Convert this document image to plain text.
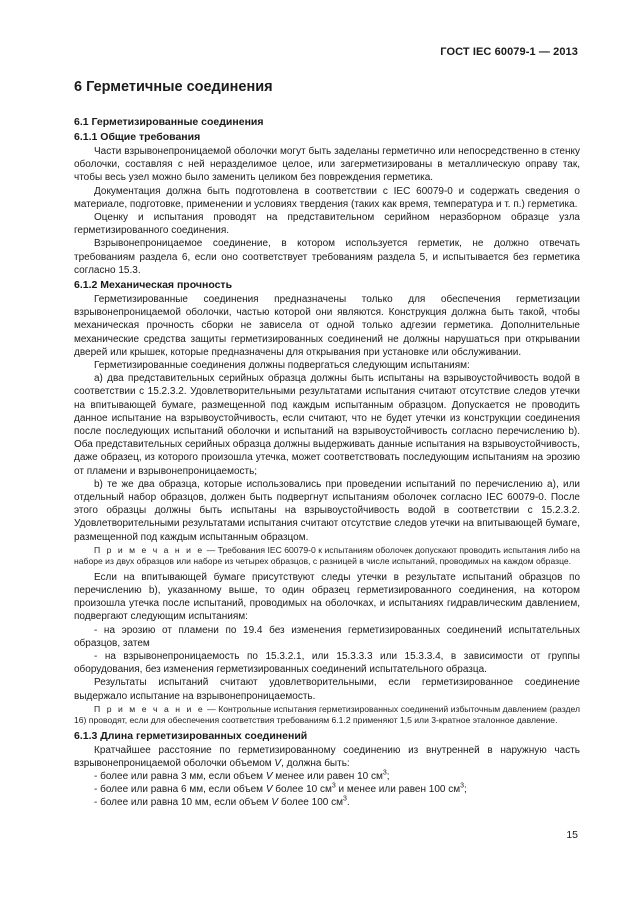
ГОСТ IEC 60079-1 — 2013
6 Герметичные соединения
6.1 Герметизированные соединения
6.1.1 Общие требования

Части взрывонепроницаемой оболочки могут быть заделаны герметично или непосредственно в стенку оболочки, составляя с ней неразделимое целое, или загерметизированы в металлическую оправу так, чтобы весь узел можно было заменить целиком без повреждения герметика.

Документация должна быть подготовлена в соответствии с IEC 60079-0 и содержать сведения о материале, подготовке, применении и условиях твердения (таких как время, температура и т. п.) герметика.

Оценку и испытания проводят на представительном серийном неразборном образце узла герметизированного соединения.

Взрывонепроницаемое соединение, в котором используется герметик, не должно отвечать требованиям раздела 6, если оно соответствует требованиям раздела 5, и испытывается без герметика согласно 15.3.

6.1.2 Механическая прочность

Герметизированные соединения предназначены только для обеспечения герметизации взрывонепроницаемой оболочки, частью которой они являются. Конструкция должна быть такой, чтобы механическая прочность сборки не зависела от одной только адгезии герметика. Дополнительные механические средства защиты герметизированных соединений не должны нарушаться при открывании дверей или крышек, которые предназначены для открывания при установке или обслуживании.

Герметизированные соединения должны подвергаться следующим испытаниям:

а) два представительных серийных образца должны быть испытаны на взрывоустойчивость водой в соответствии с 15.2.3.2. Удовлетворительными результатами испытания считают отсутствие следов утечки на впитывающей бумаге, размещенной под каждым испытанным образцом. Допускается не проводить данное испытание на взрывоустойчивость, если считают, что не будет утечки из конструкции соединения после последующих испытаний оболочки и испытаний на взрывоустойчивость согласно перечислению b). Оба представительных серийных образца должны выдерживать данные испытания на взрывоустойчивость, даже образец, из которого произошла утечка, может соответствовать последующим испытаниям на эрозию от пламени и взрывонепроницаемость;

b) те же два образца, которые использовались при проведении испытаний по перечислению а), или отдельный набор образцов, должен быть подвергнут испытаниям оболочек согласно IEC 60079-0. После этого образцы должны быть испытаны на взрывоустойчивость водой в соответствии с 15.2.3.2. Удовлетворительными результатами испытания считают отсутствие следов утечки на впитывающей бумаге, размещенной под каждым испытанным образцом.

П р и м е ч а н и е — Требования IEC 60079-0 к испытаниям оболочек допускают проводить испытания либо на наборе из двух образцов или наборе из четырех образцов, с разницей в числе испытаний, проводимых на каждом образце.

Если на впитывающей бумаге присутствуют следы утечки в результате испытаний образцов по перечислению b), указанному выше, то один образец герметизированного соединения, на котором произошла утечка после испытаний, проводимых на оболочках, и испытаниях гидравлическим давлением, подвергают следующим испытаниям:

- на эрозию от пламени по 19.4 без изменения герметизированных соединений испытательных образцов, затем

- на взрывонепроницаемость по 15.3.2.1, или 15.3.3.3 или 15.3.3.4, в зависимости от группы оборудования, без изменения герметизированных соединений испытательного образца.

Результаты испытаний считают удовлетворительными, если герметизированное соединение выдержало испытание на взрывонепроницаемость.

П р и м е ч а н и е — Контрольные испытания герметизированных соединений избыточным давлением (раздел 16) проводят, если для обеспечения соответствия требованиям 6.1.2 применяют 1,5 или 3-кратное эталонное давление.
6.1.3 Длина герметизированных соединений

Кратчайшее расстояние по герметизированному соединению из внутренней в наружную часть взрывонепроницаемой оболочки объемом V, должна быть:

- более или равна 3 мм, если объем V менее или равен 10 $см^3$;

- более или равна 6 мм, если объем V более 10 $см^3$ и менее или равен 100 $см^3$;

- более или равна 10 мм, если объем V более 100 $см^3$.

15
